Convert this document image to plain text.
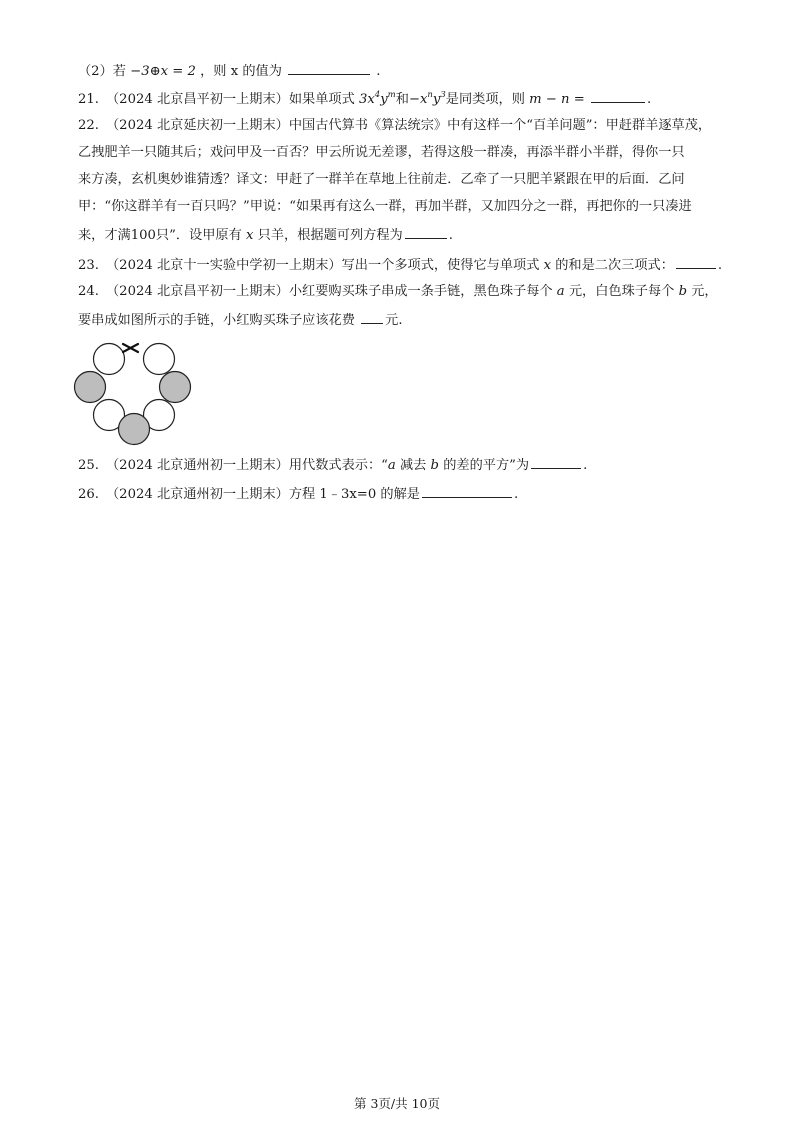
（2）若 −3⊕x = 2 ，则 x 的值为	.
21. （2024 北京昌平初一上期末）如果单项式 $3x^4y^m$和$-x^ny^3$是同类项，则 m − n =	.
22. （2024 北京延庆初一上期末）中国古代算书《算法统宗》中有这样一个“百羊问题”：甲赶群羊逐草茂，
乙拽肥羊一只随其后；戏问甲及一百否？甲云所说无差谬，若得这般一群凑，再添半群小半群，得你一只
来方凑，玄机奥妙谁猜透？译文：甲赶了一群羊在草地上往前走．乙牵了一只肥羊紧跟在甲的后面．乙问
甲：“你这群羊有一百只吗？”甲说：“如果再有这么一群，再加半群，又加四分之一群，再把你的一只凑进
来，才满100只”．设甲原有 x 只羊，根据题可列方程为	.
23. （2024 北京十一实验中学初一上期末）写出一个多项式，使得它与单项式 x 的和是二次三项式：	.
24. （2024 北京昌平初一上期末）小红要购买珠子串成一条手链，黑色珠子每个 a 元，白色珠子每个 b 元，
要串成如图所示的手链，小红购买珠子应该花费 元.
25. （2024 北京通州初一上期末）用代数式表示：“a 减去 b 的差的平方”为	.
26. （2024 北京通州初一上期末）方程 1﹣3x=0 的解是	.
第 3页/共 10页
